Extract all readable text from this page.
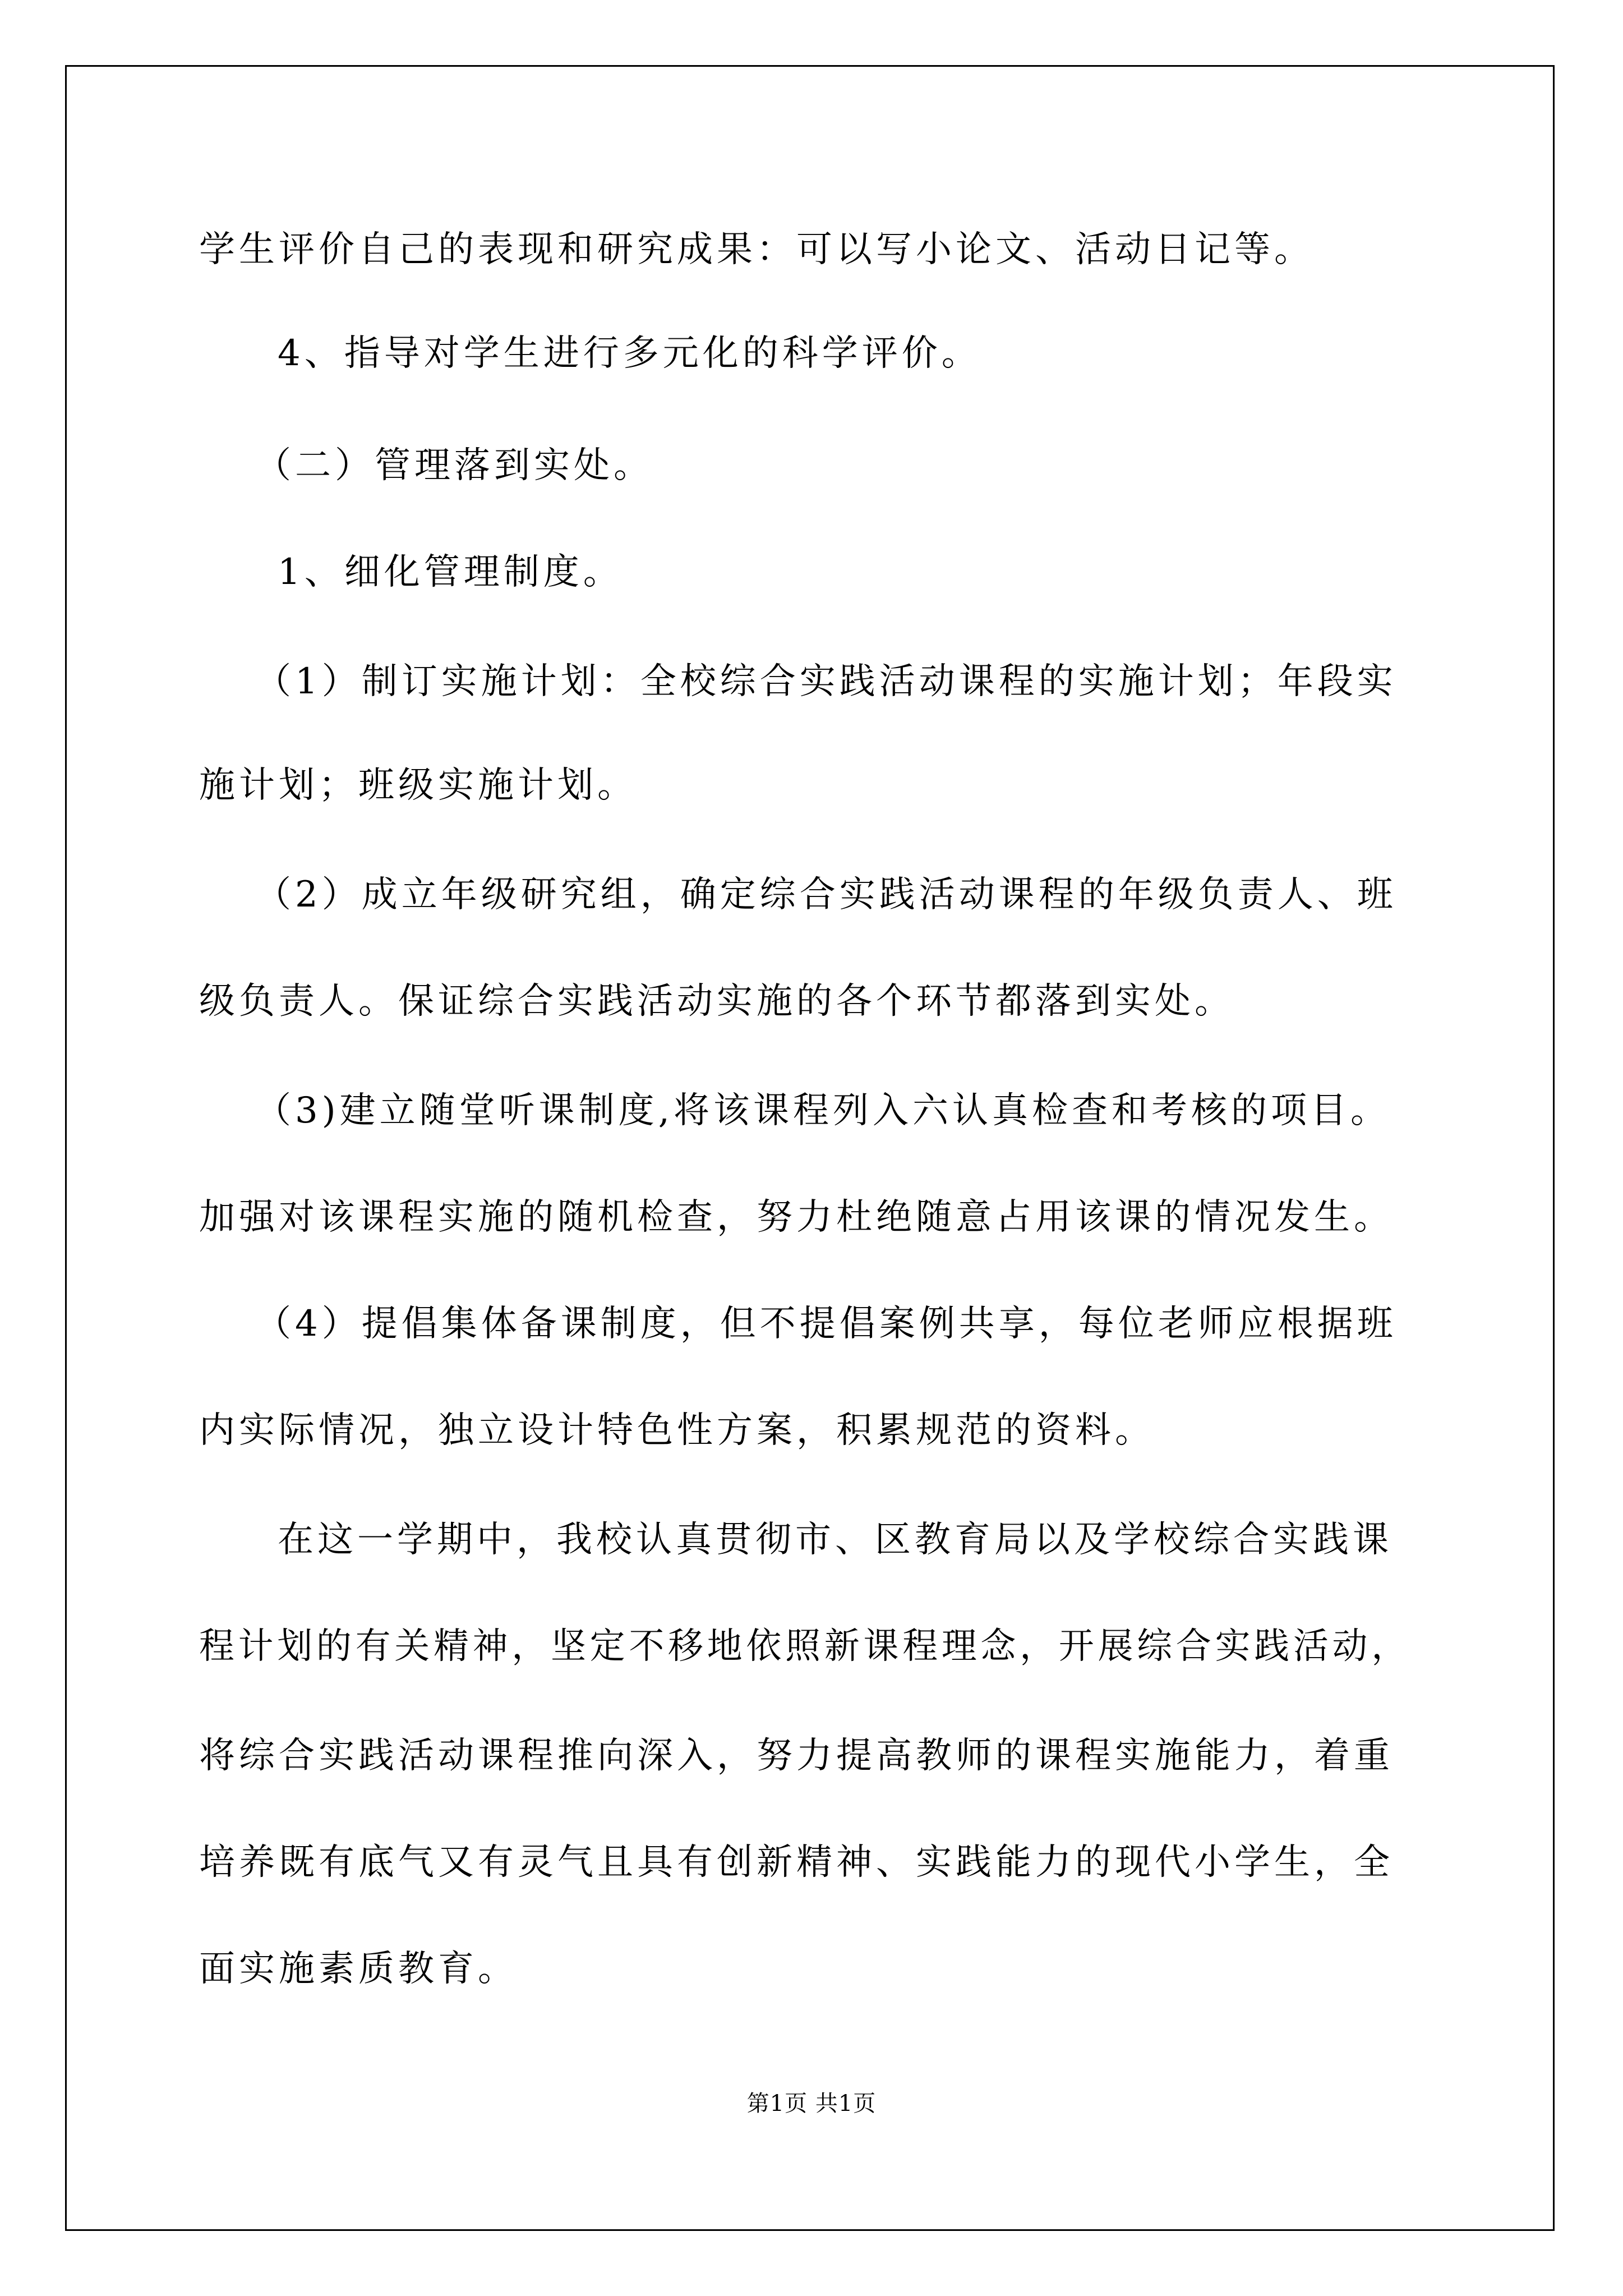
学生评价自己的表现和研究成果：可以写小论文、活动日记等。
4、指导对学生进行多元化的科学评价。
（二）管理落到实处。
1、细化管理制度。
（1）制订实施计划：全校综合实践活动课程的实施计划；年段实
施计划；班级实施计划。
（2）成立年级研究组，确定综合实践活动课程的年级负责人、班
级负责人。保证综合实践活动实施的各个环节都落到实处。
（3)建立随堂听课制度,将该课程列入六认真检查和考核的项目。
加强对该课程实施的随机检查，努力杜绝随意占用该课的情况发生。
（4）提倡集体备课制度，但不提倡案例共享，每位老师应根据班
内实际情况，独立设计特色性方案，积累规范的资料。
在这一学期中，我校认真贯彻市、区教育局以及学校综合实践课
程计划的有关精神，坚定不移地依照新课程理念，开展综合实践活动，
将综合实践活动课程推向深入，努力提高教师的课程实施能力，着重
培养既有底气又有灵气且具有创新精神、实践能力的现代小学生，全
面实施素质教育。
第1页 共1页
